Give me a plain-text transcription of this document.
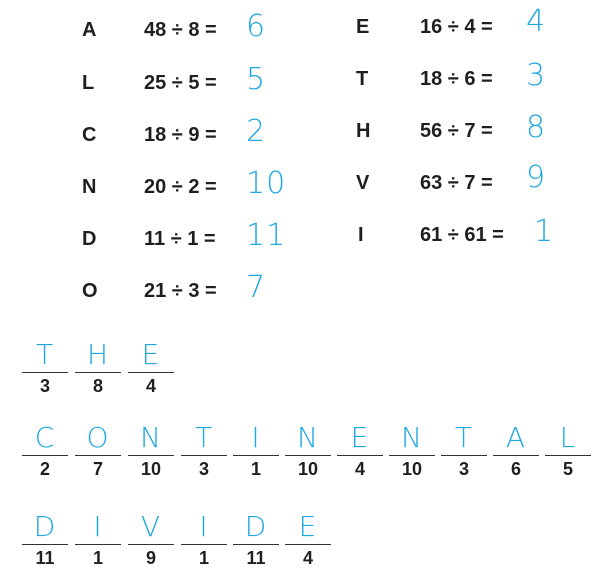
A	48 ÷ 8 = 6
L	25 ÷ 5 = 5
C	18 ÷ 9 = 2
N	20 ÷ 2 = 10
D	11 ÷ 1 = 11
O	21 ÷ 3 = 7
E	16 ÷ 4 = 4
T	18 ÷ 6 = 3
H	56 ÷ 7 = 8
V	63 ÷ 7 = 9
I	61 ÷ 61 = 1
T
3
H
8
E
4
C
2
O
7
N
10
T
3
I
1
N
10
E
4
N
10
T
3
A
6
L
5
D
11
I
1
V
9
I
1
D
11
E
4
